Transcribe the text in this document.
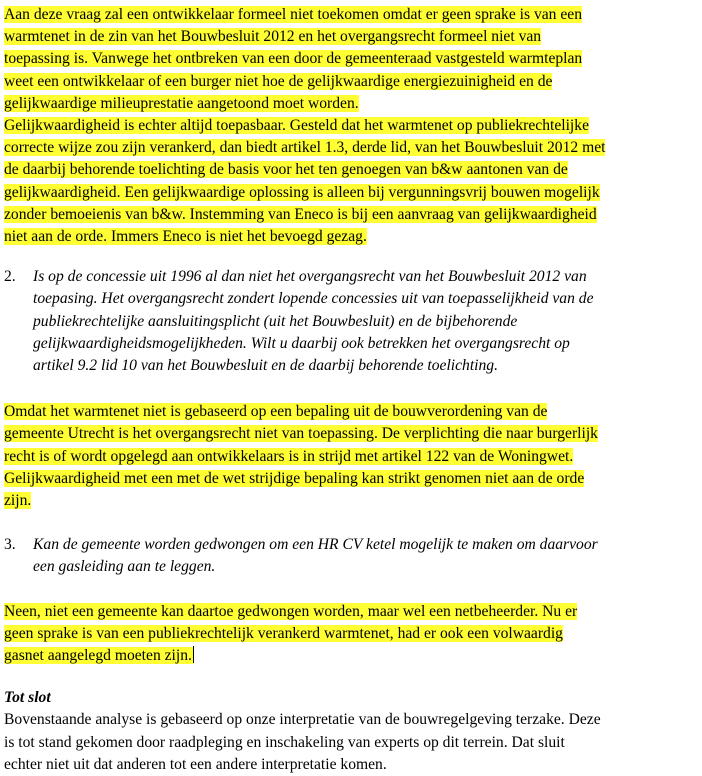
Aan deze vraag zal een ontwikkelaar formeel niet toekomen omdat er geen sprake is van eenwarmtenet in de zin van het Bouwbesluit 2012 en het overgangsrecht formeel niet vantoepassing is. Vanwege het ontbreken van een door de gemeenteraad vastgesteld warmteplanweet een ontwikkelaar of een burger niet hoe de gelijkwaardige energiezuinigheid en degelijkwaardige milieuprestatie aangetoond moet worden.Gelijkwaardigheid is echter altijd toepasbaar. Gesteld dat het warmtenet op publiekrechtelijkecorrecte wijze zou zijn verankerd, dan biedt artikel 1.3, derde lid, van het Bouwbesluit 2012 metde daarbij behorende toelichting de basis voor het ten genoegen van b&w aantonen van degelijkwaardigheid. Een gelijkwaardige oplossing is alleen bij vergunningsvrij bouwen mogelijkzonder bemoeienis van b&w. Instemming van Eneco is bij een aanvraag van gelijkwaardigheidniet aan de orde. Immers Eneco is niet het bevoegd gezag.

2. Is op de concessie uit 1996 al dan niet het overgangsrecht van het Bouwbesluit 2012 van
toepasing. Het overgangsrecht zondert lopende concessies uit van toepasselijkheid van de
publiekrechtelijke aansluitingsplicht (uit het Bouwbesluit) en de bijbehorende
gelijkwaardigheidsmogelijkheden. Wilt u daarbij ook betrekken het overgangsrecht op
artikel 9.2 lid 10 van het Bouwbesluit en de daarbij behorende toelichting.

Omdat het warmtenet niet is gebaseerd op een bepaling uit de bouwverordening van degemeente Utrecht is het overgangsrecht niet van toepassing. De verplichting die naar burgerlijkrecht is of wordt opgelegd aan ontwikkelaars is in strijd met artikel 122 van de Woningwet.Gelijkwaardigheid met een met de wet strijdige bepaling kan strikt genomen niet aan de ordezijn.

3. Kan de gemeente worden gedwongen om een HR CV ketel mogelijk te maken om daarvoor
een gasleiding aan te leggen.

Neen, niet een gemeente kan daartoe gedwongen worden, maar wel een netbeheerder. Nu ergeen sprake is van een publiekrechtelijk verankerd warmtenet, had er ook een volwaardiggasnet aangelegd moeten zijn.

Tot slot
Bovenstaande analyse is gebaseerd op onze interpretatie van de bouwregelgeving terzake. Deze
is tot stand gekomen door raadpleging en inschakeling van experts op dit terrein. Dat sluit
echter niet uit dat anderen tot een andere interpretatie komen.
